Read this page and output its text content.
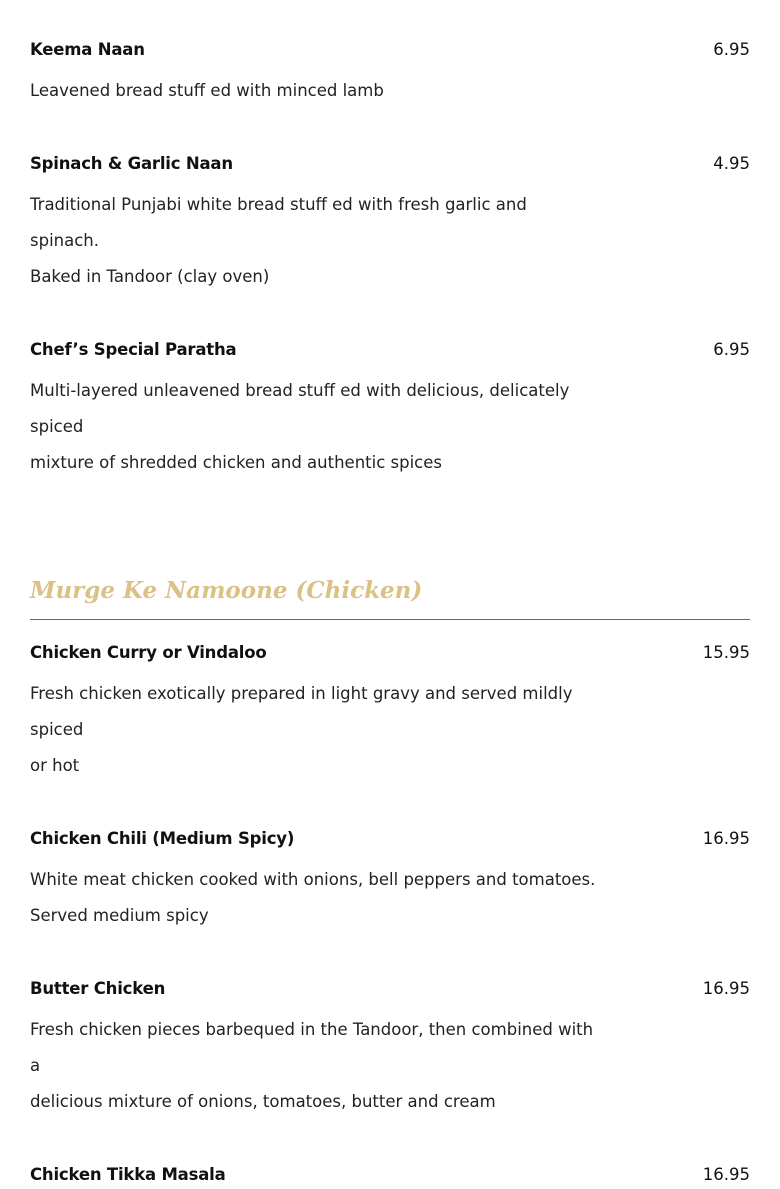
Keema Naan	6.95
Leavened bread stuff ed with minced lamb
Spinach & Garlic Naan	4.95
Traditional Punjabi white bread stuff ed with fresh garlic and spinach.
Baked in Tandoor (clay oven)
Chef’s Special Paratha	6.95
Multi-layered unleavened bread stuff ed with delicious, delicately spiced
mixture of shredded chicken and authentic spices
Murge Ke Namoone (Chicken)
Chicken Curry or Vindaloo	15.95
Fresh chicken exotically prepared in light gravy and served mildly spiced
or hot
Chicken Chili (Medium Spicy)	16.95
White meat chicken cooked with onions, bell peppers and tomatoes.
Served medium spicy
Butter Chicken	16.95
Fresh chicken pieces barbequed in the Tandoor, then combined with a
delicious mixture of onions, tomatoes, butter and cream
Chicken Tikka Masala	16.95
